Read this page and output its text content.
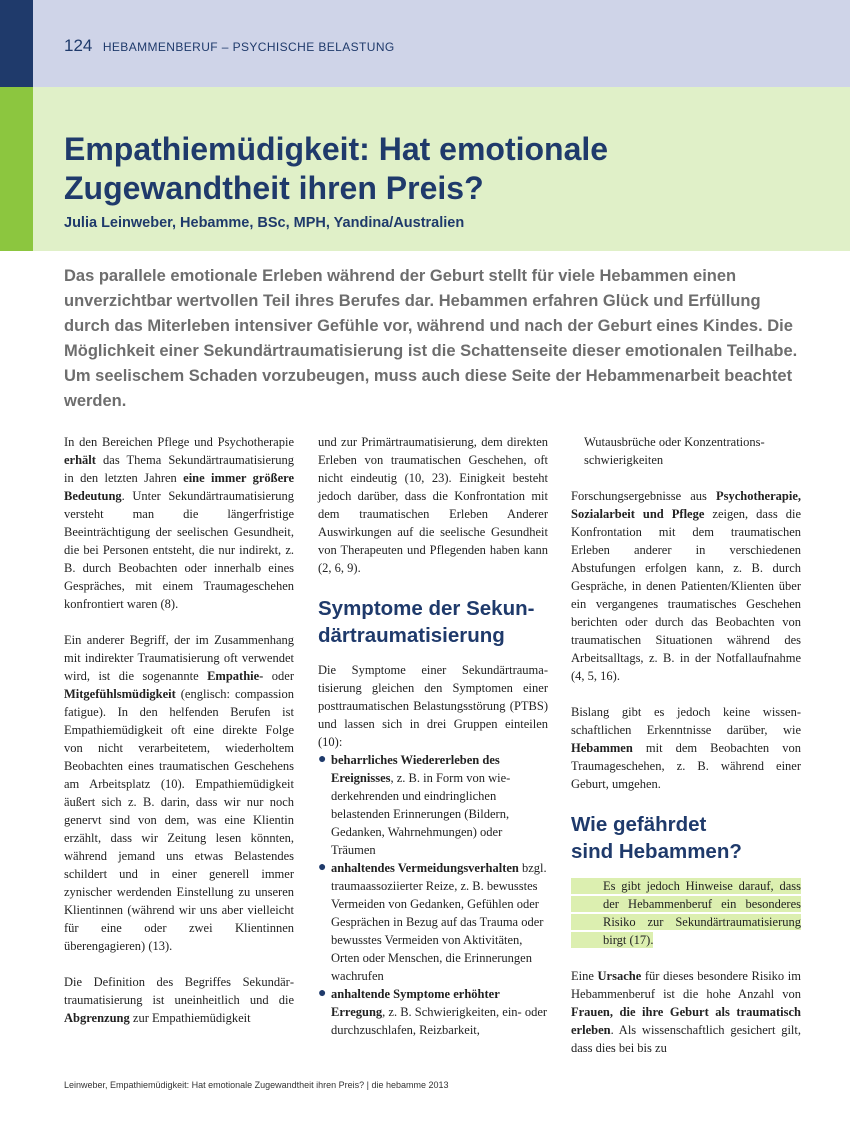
124 HEBAMMENBERUF – PSYCHISCHE BELASTUNG
Empathiemüdigkeit: Hat emotionale
Zugewandtheit ihren Preis?

Julia Leinweber, Hebamme, BSc, MPH, Yandina/Australien

Das parallele emotionale Erleben während der Geburt stellt für viele Hebammen einen unverzichtbar wertvollen Teil ihres Berufes dar. Hebammen erfahren Glück und Erfüllung durch das Miterleben intensiver Gefühle vor, während und nach der Geburt eines Kindes. Die Möglichkeit einer Sekundärtraumatisierung ist die Schattenseite dieser emotionalen Teilhabe. Um seelischem Schaden vorzubeugen, muss auch diese Seite der Hebammenarbeit beachtet werden.

In den Bereichen Pflege und Psychotherapie erhält das Thema Sekundärtraumatisierung in den letzten Jahren eine immer größere Bedeutung. Unter Sekundärtraumatisierung versteht man die längerfristige Beeinträchtigung der seelischen Gesundheit, die bei Personen entsteht, die nur indirekt, z. B. durch Beobachten oder innerhalb eines Gespräches, mit einem Traumageschehen konfrontiert waren (8).

Ein anderer Begriff, der im Zusammenhang mit indirekter Traumatisierung oft verwendet wird, ist die sogenannte Empathie- oder Mitgefühlsmüdigkeit (englisch: compassion fatigue). In den helfenden Berufen ist Empathiemüdigkeit oft eine direkte Folge von nicht verarbeitetem, wiederholtem Beobachten eines traumatischen Geschehens am Arbeitsplatz (10). Empathiemüdigkeit äußert sich z. B. darin, dass wir nur noch genervt sind von dem, was eine Klientin erzählt, dass wir Zeitung lesen könnten, während jemand uns etwas Belastendes schildert und in einer generell immer zynischer werdenden Einstellung zu unseren Klientinnen (während wir uns aber vielleicht für eine oder zwei Klientinnen überengagieren) (13).

Die Definition des Begriffes Sekundärtraumatisierung ist uneinheitlich und die Abgrenzung zur Empathiemüdigkeit

und zur Primärtraumatisierung, dem direkten Erleben von traumatischen Geschehen, oft nicht eindeutig (10, 23). Einigkeit besteht jedoch darüber, dass die Konfrontation mit dem traumatischen Erleben Anderer Auswirkungen auf die seelische Gesundheit von Therapeuten und Pflegenden haben kann (2, 6, 9).

Symptome der Sekundärtraumatisierung

Die Symptome einer Sekundärtraumatisierung gleichen den Symptomen einer posttraumatischen Belastungsstörung (PTBS) und lassen sich in drei Gruppen einteilen (10):

● beharrliches Wiedererleben des Ereignisses, z. B. in Form von wiederkehrenden und eindringlichen belastenden Erinnerungen (Bildern, Gedanken, Wahrnehmungen) oder Träumen
● anhaltendes Vermeidungsverhalten bzgl. traumaassoziierter Reize, z. B. bewusstes Vermeiden von Gedanken, Gefühlen oder Gesprächen in Bezug auf das Trauma oder bewusstes Vermeiden von Aktivitäten, Orten oder Menschen, die Erinnerungen wachrufen
● anhaltende Symptome erhöhter Erregung, z. B. Schwierigkeiten, ein- oder durchzuschlafen, Reizbarkeit,
Wutausbrüche oder Konzentrationsschwierigkeiten

Forschungsergebnisse aus Psychotherapie, Sozialarbeit und Pflege zeigen, dass die Konfrontation mit dem traumatischen Erleben anderer in verschiedenen Abstufungen erfolgen kann, z. B. durch Gespräche, in denen Patienten/Klienten über ein vergangenes traumatisches Geschehen berichten oder durch das Beobachten von traumatischen Situationen während des Arbeitsalltags, z. B. in der Notfallaufnahme (4, 5, 16).

Bislang gibt es jedoch keine wissenschaftlichen Erkenntnisse darüber, wie Hebammen mit dem Beobachten von Traumageschehen, z. B. während einer Geburt, umgehen.

Wie gefährdet
sind Hebammen?

Es gibt jedoch Hinweise darauf, dass der Hebammenberuf ein besonderes Risiko zur Sekundärtraumatisierung birgt (17).

Eine Ursache für dieses besondere Risiko im Hebammenberuf ist die hohe Anzahl von Frauen, die ihre Geburt als traumatisch erleben. Als wissenschaftlich gesichert gilt, dass dies bei bis zu

Leinweber, Empathiemüdigkeit: Hat emotionale Zugewandtheit ihren Preis? | die hebamme 2013
